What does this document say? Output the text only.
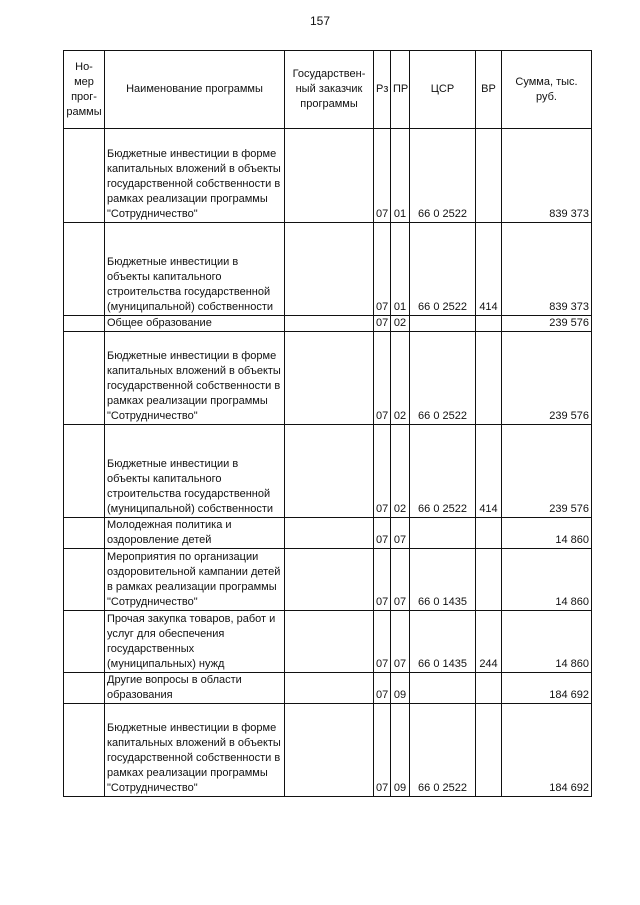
157
Но-мер прог-раммы	Наименование программы	Государствен-ный заказчик программы	Рз	ПР	ЦСР	ВР	Сумма, тыс. руб.
	Бюджетные инвестиции в форме капитальных вложений в объекты государственной собственности в рамках реализации программы "Сотрудничество"		07	01	66 0 2522		839 373
	Бюджетные инвестиции в объекты капитального строительства государственной (муниципальной) собственности		07	01	66 0 2522	414	839 373
	Общее образование		07	02			239 576
	Бюджетные инвестиции в форме капитальных вложений в объекты государственной собственности в рамках реализации программы "Сотрудничество"		07	02	66 0 2522		239 576
	Бюджетные инвестиции в объекты капитального строительства государственной (муниципальной) собственности		07	02	66 0 2522	414	239 576
	Молодежная политика и оздоровление детей		07	07			14 860
	Мероприятия по организации оздоровительной кампании детей в рамках реализации программы "Сотрудничество"		07	07	66 0 1435		14 860
	Прочая закупка товаров, работ и услуг для обеспечения государственных (муниципальных) нужд		07	07	66 0 1435	244	14 860
	Другие вопросы в области образования		07	09			184 692
	Бюджетные инвестиции в форме капитальных вложений в объекты государственной собственности в рамках реализации программы "Сотрудничество"		07	09	66 0 2522		184 692
